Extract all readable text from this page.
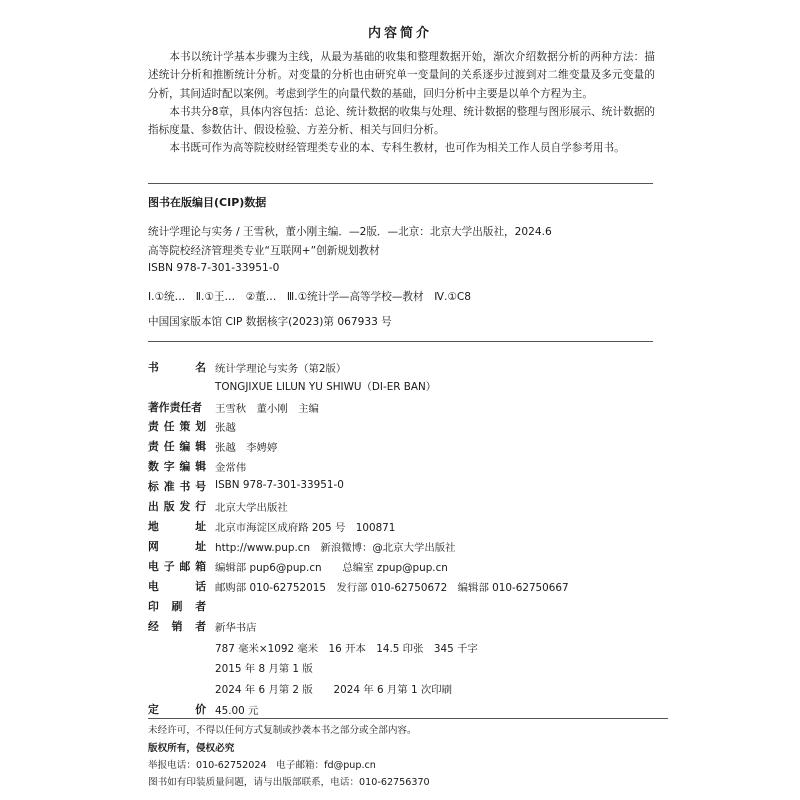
内容简介

本书以统计学基本步骤为主线，从最为基础的收集和整理数据开始，渐次介绍数据分析的两种方法：描述统计分析和推断统计分析。对变量的分析也由研究单一变量间的关系逐步过渡到对二维变量及多元变量的分析，其间适时配以案例。考虑到学生的向量代数的基础，回归分析中主要是以单个方程为主。

本书共分8章，具体内容包括：总论、统计数据的收集与处理、统计数据的整理与图形展示、统计数据的指标度量、参数估计、假设检验、方差分析、相关与回归分析。

本书既可作为高等院校财经管理类专业的本、专科生教材，也可作为相关工作人员自学参考用书。

图书在版编目(CIP)数据
统计学理论与实务 / 王雪秋，董小刚主编．—2版．—北京：北京大学出版社，2024.6
高等院校经济管理类专业“互联网+”创新规划教材
ISBN 978-7-301-33951-0
Ⅰ.①统…　Ⅱ.①王…　②董…　Ⅲ.①统计学—高等学校—教材　Ⅳ.①C8
中国国家版本馆 CIP 数据核字(2023)第 067933 号
书	名 统计学理论与实务（第2版）
TONGJIXUE LILUN YU SHIWU（DI-ER BAN）
著作责任者 王雪秋　董小刚　主编
责 任 策 划 张越
责 任 编 辑 张越　李娉婷
数 字 编 辑 金常伟
标 准 书 号 ISBN 978-7-301-33951-0
出 版 发 行 北京大学出版社
地	址 北京市海淀区成府路 205 号　100871
网	址 http://www.pup.cn　新浪微博：@北京大学出版社
电 子 邮 箱 编辑部 pup6@pup.cn　　总编室 zpup@pup.cn
电	话 邮购部 010-62752015　发行部 010-62750672　编辑部 010-62750667
印 刷 者
经 销 者 新华书店
787 毫米×1092 毫米　16 开本　14.5 印张　345 千字
2015 年 8 月第 1 版
2024 年 6 月第 2 版　　2024 年 6 月第 1 次印刷
定	价 45.00 元
未经许可，不得以任何方式复制或抄袭本书之部分或全部内容。
版权所有，侵权必究
举报电话：010-62752024　电子邮箱：fd@pup.cn
图书如有印装质量问题，请与出版部联系，电话：010-62756370
